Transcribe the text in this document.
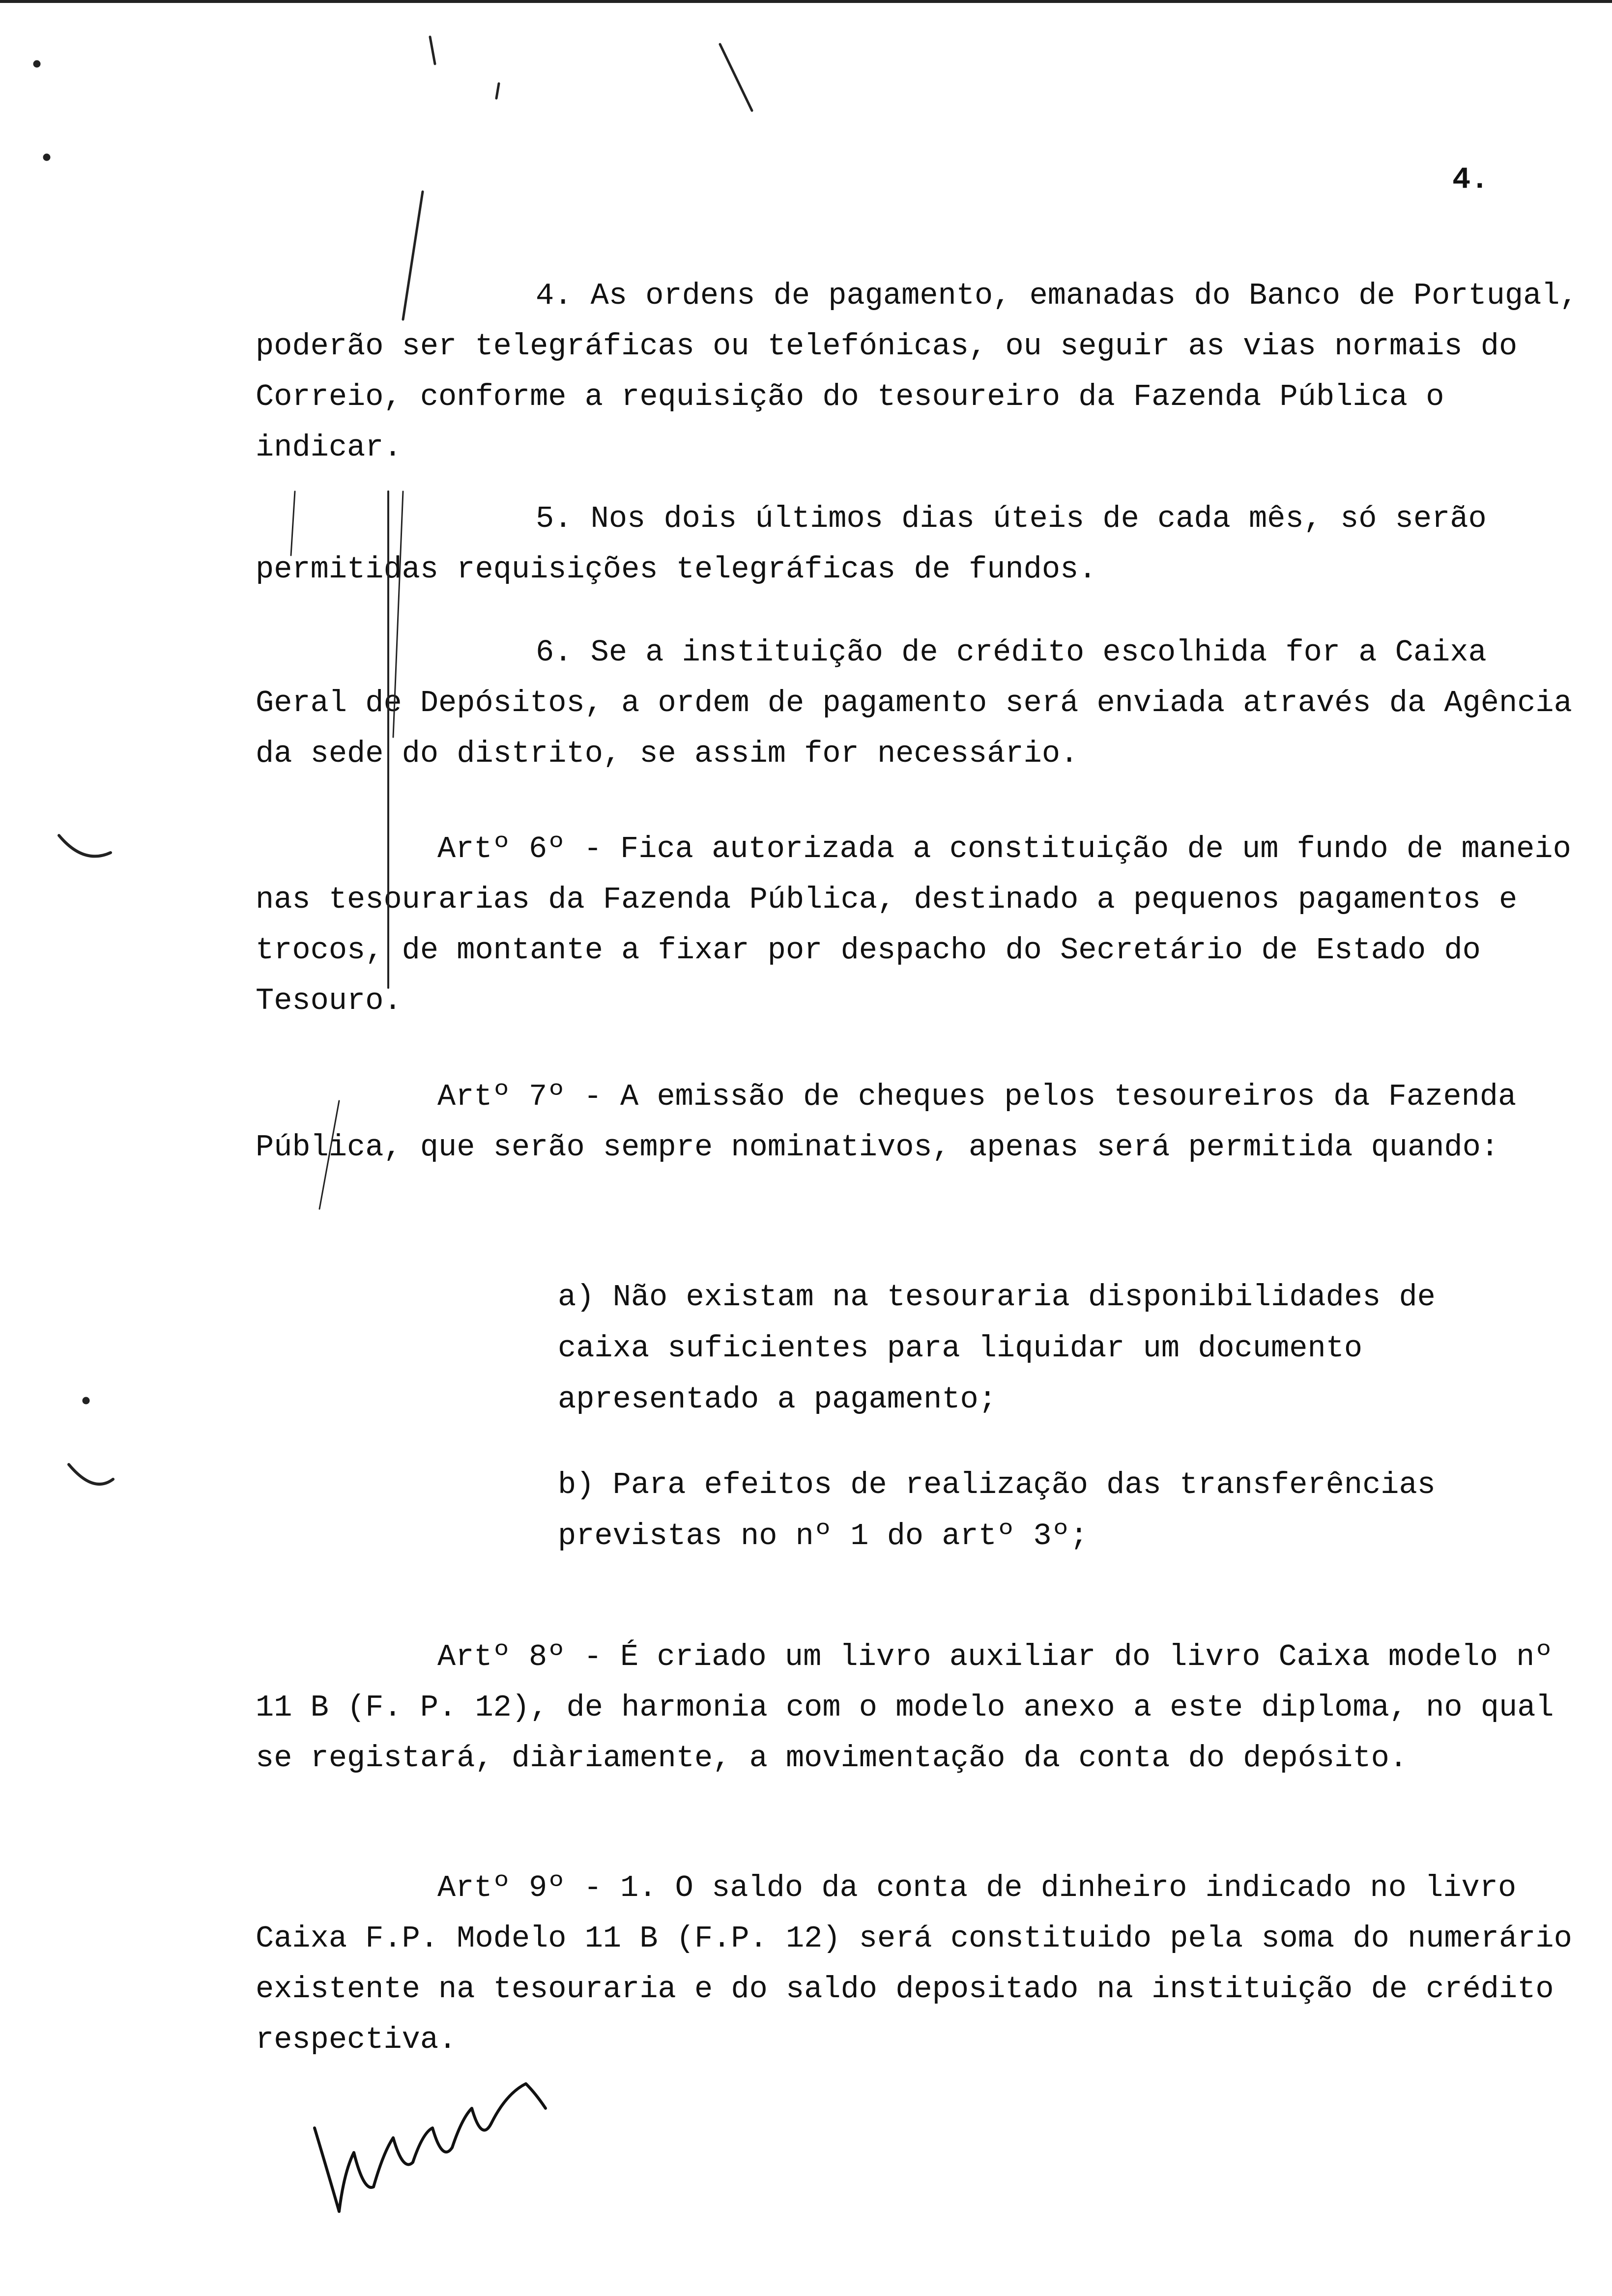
4.
4. As ordens de pagamento, emanadas do Banco de Portugal, poderão ser telegráficas ou telefónicas, ou seguir as vias normais do Correio, conforme a requisição do tesoureiro da Fazenda Pública o indicar.
5. Nos dois últimos dias úteis de cada mês, só serão permitidas requisições telegráficas de fundos.
6. Se a instituição de crédito escolhida for a Caixa Geral de Depósitos, a ordem de pagamento será enviada através da Agência da sede do distrito, se assim for necessário.
Artº 6º - Fica autorizada a constituição de um fundo de maneio nas tesourarias da Fazenda Pública, destinado a pequenos pagamentos e trocos, de montante a fixar por despacho do Secretário de Estado do Tesouro.
Artº 7º - A emissão de cheques pelos tesoureiros da Fazenda Pública, que serão sempre nominativos, apenas será permitida quando:
a) Não existam na tesouraria disponibilidades de caixa suficientes para liquidar um documento apresentado a pagamento;
b) Para efeitos de realização das transferências previstas no nº 1 do artº 3º;
Artº 8º - É criado um livro auxiliar do livro Caixa modelo nº 11 B (F. P. 12), de harmonia com o modelo anexo a este diploma, no qual se registará, diàriamente, a movimentação da conta do depósito.
Artº 9º - 1. O saldo da conta de dinheiro indicado no livro Caixa F.P. Modelo 11 B (F.P. 12) será constituido pela soma do numerário existente na tesouraria e do saldo depositado na instituição de crédito respectiva.
